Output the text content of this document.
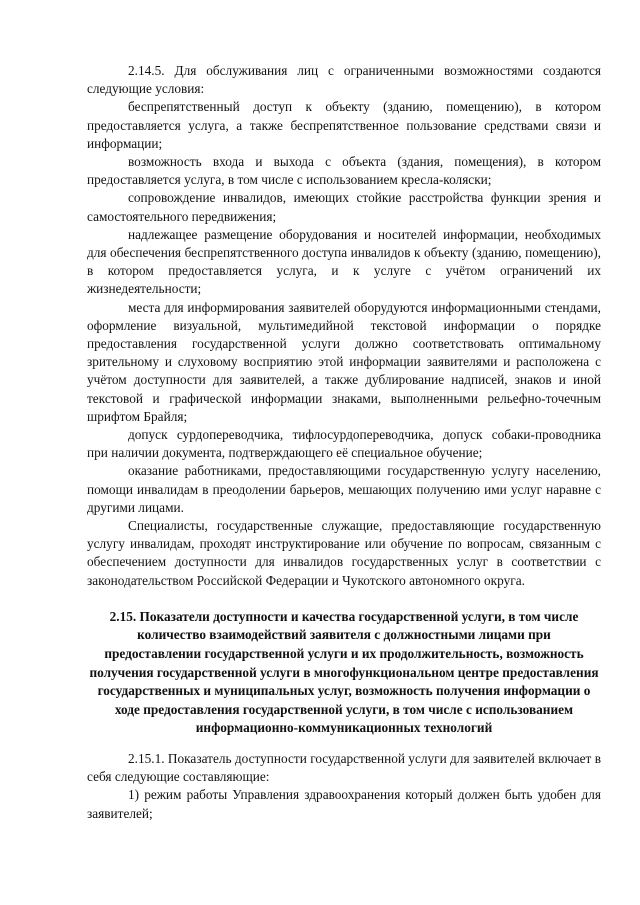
2.14.5. Для обслуживания лиц с ограниченными возможностями создаются следующие условия:

беспрепятственный доступ к объекту (зданию, помещению), в котором предоставляется услуга, а также беспрепятственное пользование средствами связи и информации;

возможность входа и выхода с объекта (здания, помещения), в котором предоставляется услуга, в том числе с использованием кресла-коляски;

сопровождение инвалидов, имеющих стойкие расстройства функции зрения и самостоятельного передвижения;

надлежащее размещение оборудования и носителей информации, необходимых для обеспечения беспрепятственного доступа инвалидов к объекту (зданию, помещению), в котором предоставляется услуга, и к услуге с учётом ограничений их жизнедеятельности;

места для информирования заявителей оборудуются информационными стендами, оформление визуальной, мультимедийной текстовой информации о порядке предоставления государственной услуги должно соответствовать оптимальному зрительному и слуховому восприятию этой информации заявителями и расположена с учётом доступности для заявителей, а также дублирование надписей, знаков и иной текстовой и графической информации знаками, выполненными рельефно-точечным шрифтом Брайля;

допуск сурдопереводчика, тифлосурдопереводчика, допуск собаки-проводника при наличии документа, подтверждающего её специальное обучение;

оказание работниками, предоставляющими государственную услугу населению, помощи инвалидам в преодолении барьеров, мешающих получению ими услуг наравне с другими лицами.

Специалисты, государственные служащие, предоставляющие государственную услугу инвалидам, проходят инструктирование или обучение по вопросам, связанным с обеспечением доступности для инвалидов государственных услуг в соответствии с законодательством Российской Федерации и Чукотского автономного округа.

2.15. Показатели доступности и качества государственной услуги, в том числе количество взаимодействий заявителя с должностными лицами при предоставлении государственной услуги и их продолжительность, возможность получения государственной услуги в многофункциональном центре предоставления государственных и муниципальных услуг, возможность получения информации о ходе предоставления государственной услуги, в том числе с использованием информационно-коммуникационных технологий

2.15.1. Показатель доступности государственной услуги для заявителей включает в себя следующие составляющие:

1) режим работы Управления здравоохранения который должен быть удобен для заявителей;
